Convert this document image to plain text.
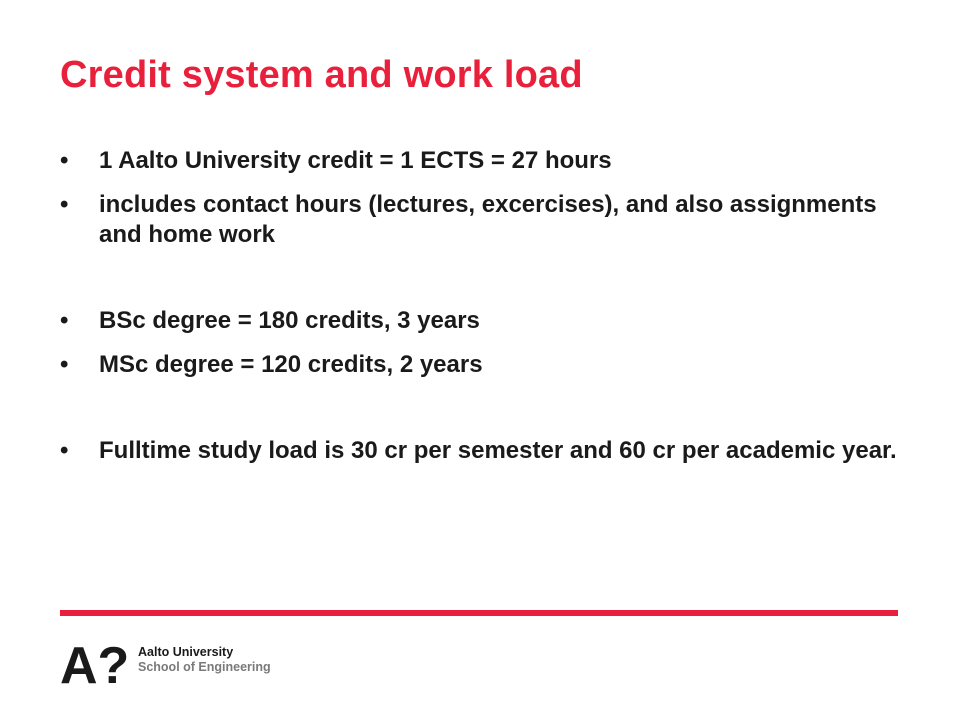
Credit system and work load
• 1 Aalto University credit = 1 ECTS = 27 hours
• includes contact hours (lectures, excercises), and also assignments and home work
• BSc degree = 180 credits, 3 years
• MSc degree = 120 credits, 2 years
• Fulltime study load is 30 cr per semester and 60 cr per academic year.
A? Aalto University
School of Engineering
